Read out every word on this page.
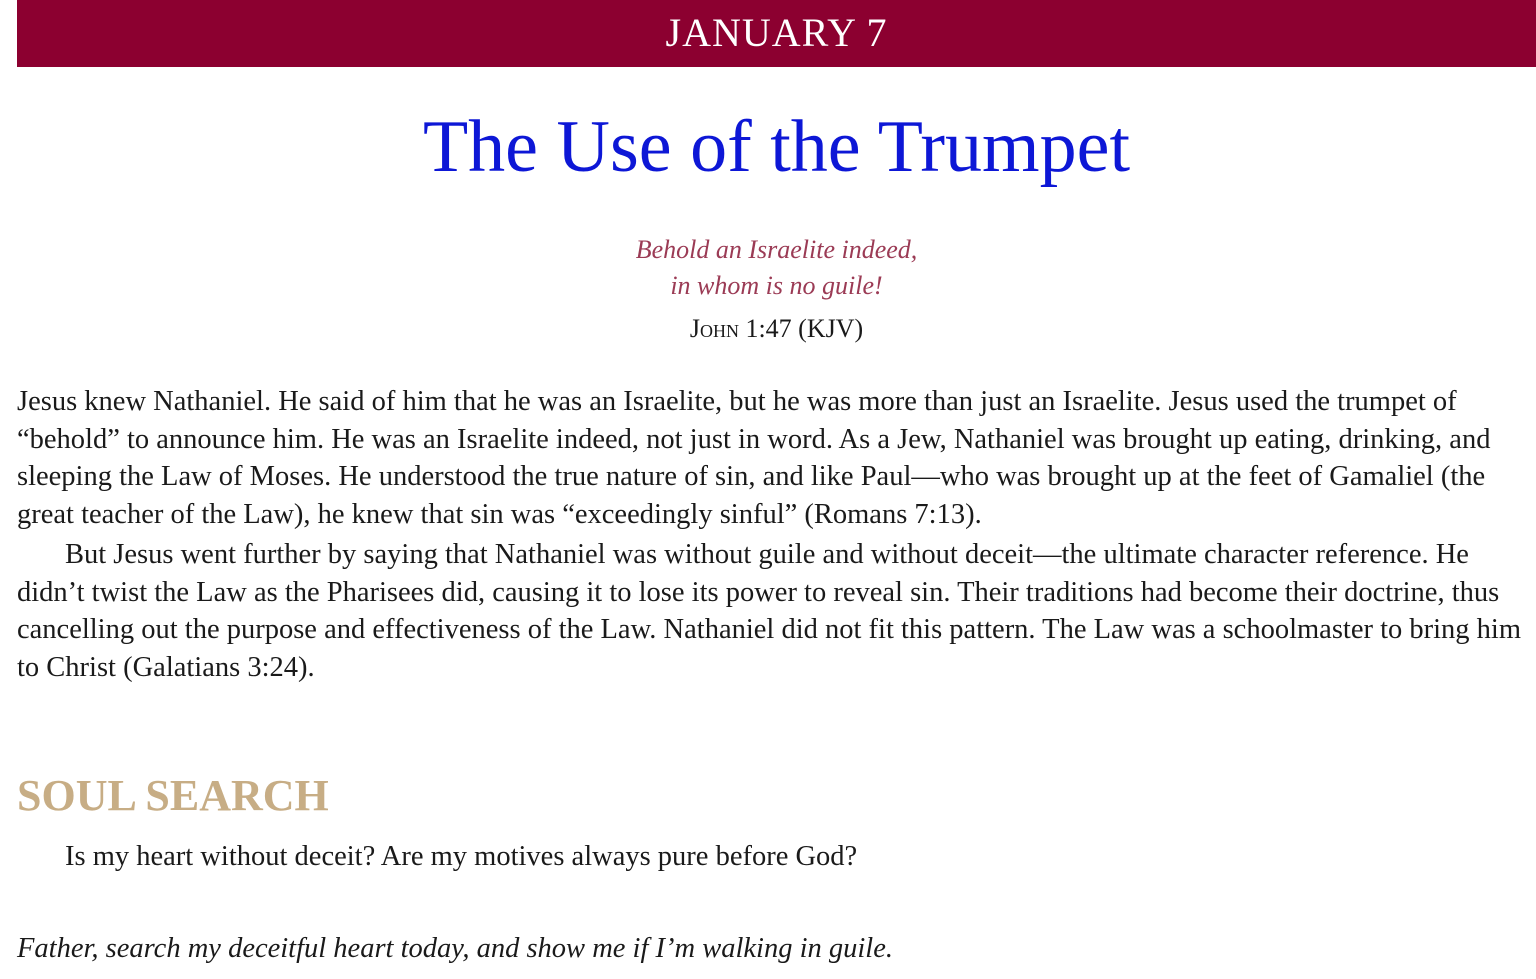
JANUARY 7
The Use of the Trumpet
Behold an Israelite indeed,
in whom is no guile!
John 1:47 (KJV)

Jesus knew Nathaniel. He said of him that he was an Israelite, but he was more than just an Israelite. Jesus used the trumpet of “behold” to announce him. He was an Israelite indeed, not just in word. As a Jew, Nathaniel was brought up eating, drinking, and sleeping the Law of Moses. He understood the true nature of sin, and like Paul—who was brought up at the feet of Gamaliel (the great teacher of the Law), he knew that sin was “exceedingly sinful” (Romans 7:13).

But Jesus went further by saying that Nathaniel was without guile and without deceit—the ultimate character reference. He didn’t twist the Law as the Pharisees did, causing it to lose its power to reveal sin. Their traditions had become their doctrine, thus cancelling out the purpose and effectiveness of the Law. Nathaniel did not fit this pattern. The Law was a schoolmaster to bring him to Christ (Galatians 3:24).

SOUL SEARCH
Is my heart without deceit? Are my motives always pure before God?
Father, search my deceitful heart today, and show me if I’m walking in guile.
